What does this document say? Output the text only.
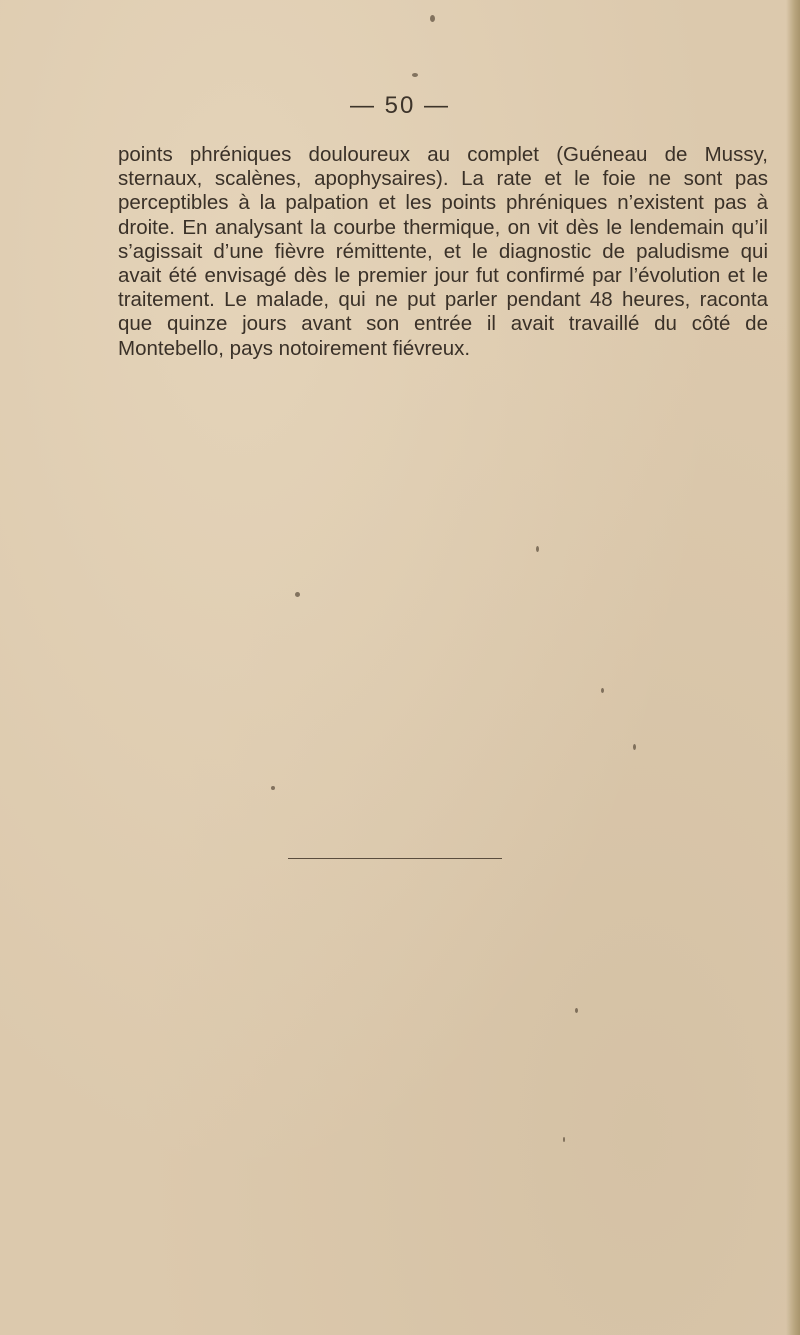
— 50 —

points phréniques douloureux au complet (Guéneau de Mussy, sternaux, scalènes, apophysaires). La rate et le foie ne sont pas perceptibles à la palpation et les points phréniques n’existent pas à droite. En analysant la courbe thermique, on vit dès le lendemain qu’il s’agissait d’une fièvre rémittente, et le diagnostic de paludisme qui avait été envisagé dès le premier jour fut confirmé par l’évolution et le traitement. Le malade, qui ne put parler pendant 48 heures, raconta que quinze jours avant son entrée il avait travaillé du côté de Montebello, pays notoirement fiévreux.
